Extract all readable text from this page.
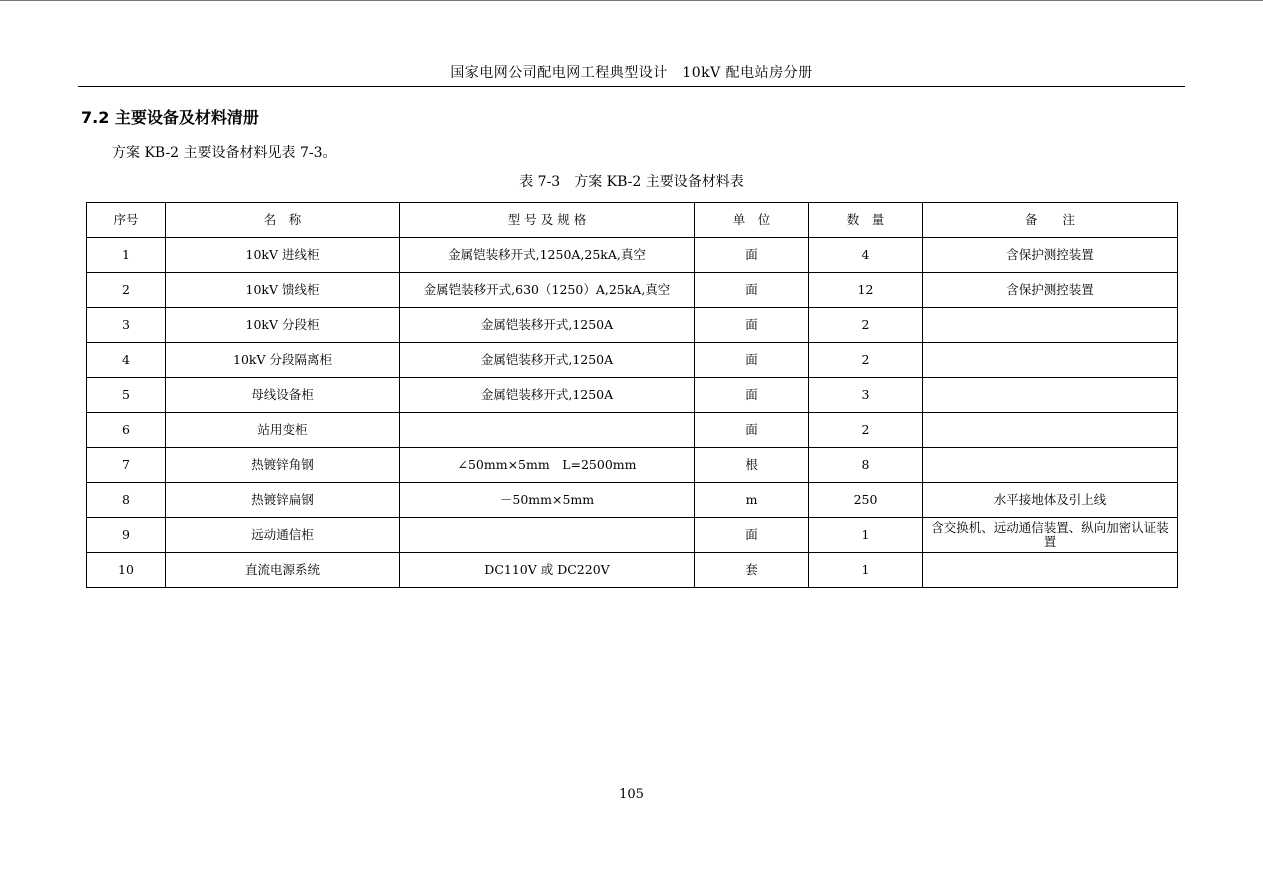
国家电网公司配电网工程典型设计　10kV 配电站房分册
7.2 主要设备及材料清册
方案 KB-2 主要设备材料见表 7-3。
表 7-3　方案 KB-2 主要设备材料表
序号	名　称	型 号 及 规 格	单　位	数　量	备　　注
1	10kV 进线柜	金属铠装移开式,1250A,25kA,真空	面	4	含保护测控装置
2	10kV 馈线柜	金属铠装移开式,630（1250）A,25kA,真空	面	12	含保护测控装置
3	10kV 分段柜	金属铠装移开式,1250A	面	2	
4	10kV 分段隔离柜	金属铠装移开式,1250A	面	2	
5	母线设备柜	金属铠装移开式,1250A	面	3	
6	站用变柜		面	2	
7	热镀锌角钢	∠50mm×5mm　L=2500mm	根	8	
8	热镀锌扁钢	－50mm×5mm	m	250	水平接地体及引上线
9	远动通信柜		面	1	含交换机、远动通信装置、纵向加密认证装置
10	直流电源系统	DC110V 或 DC220V	套	1	
105
